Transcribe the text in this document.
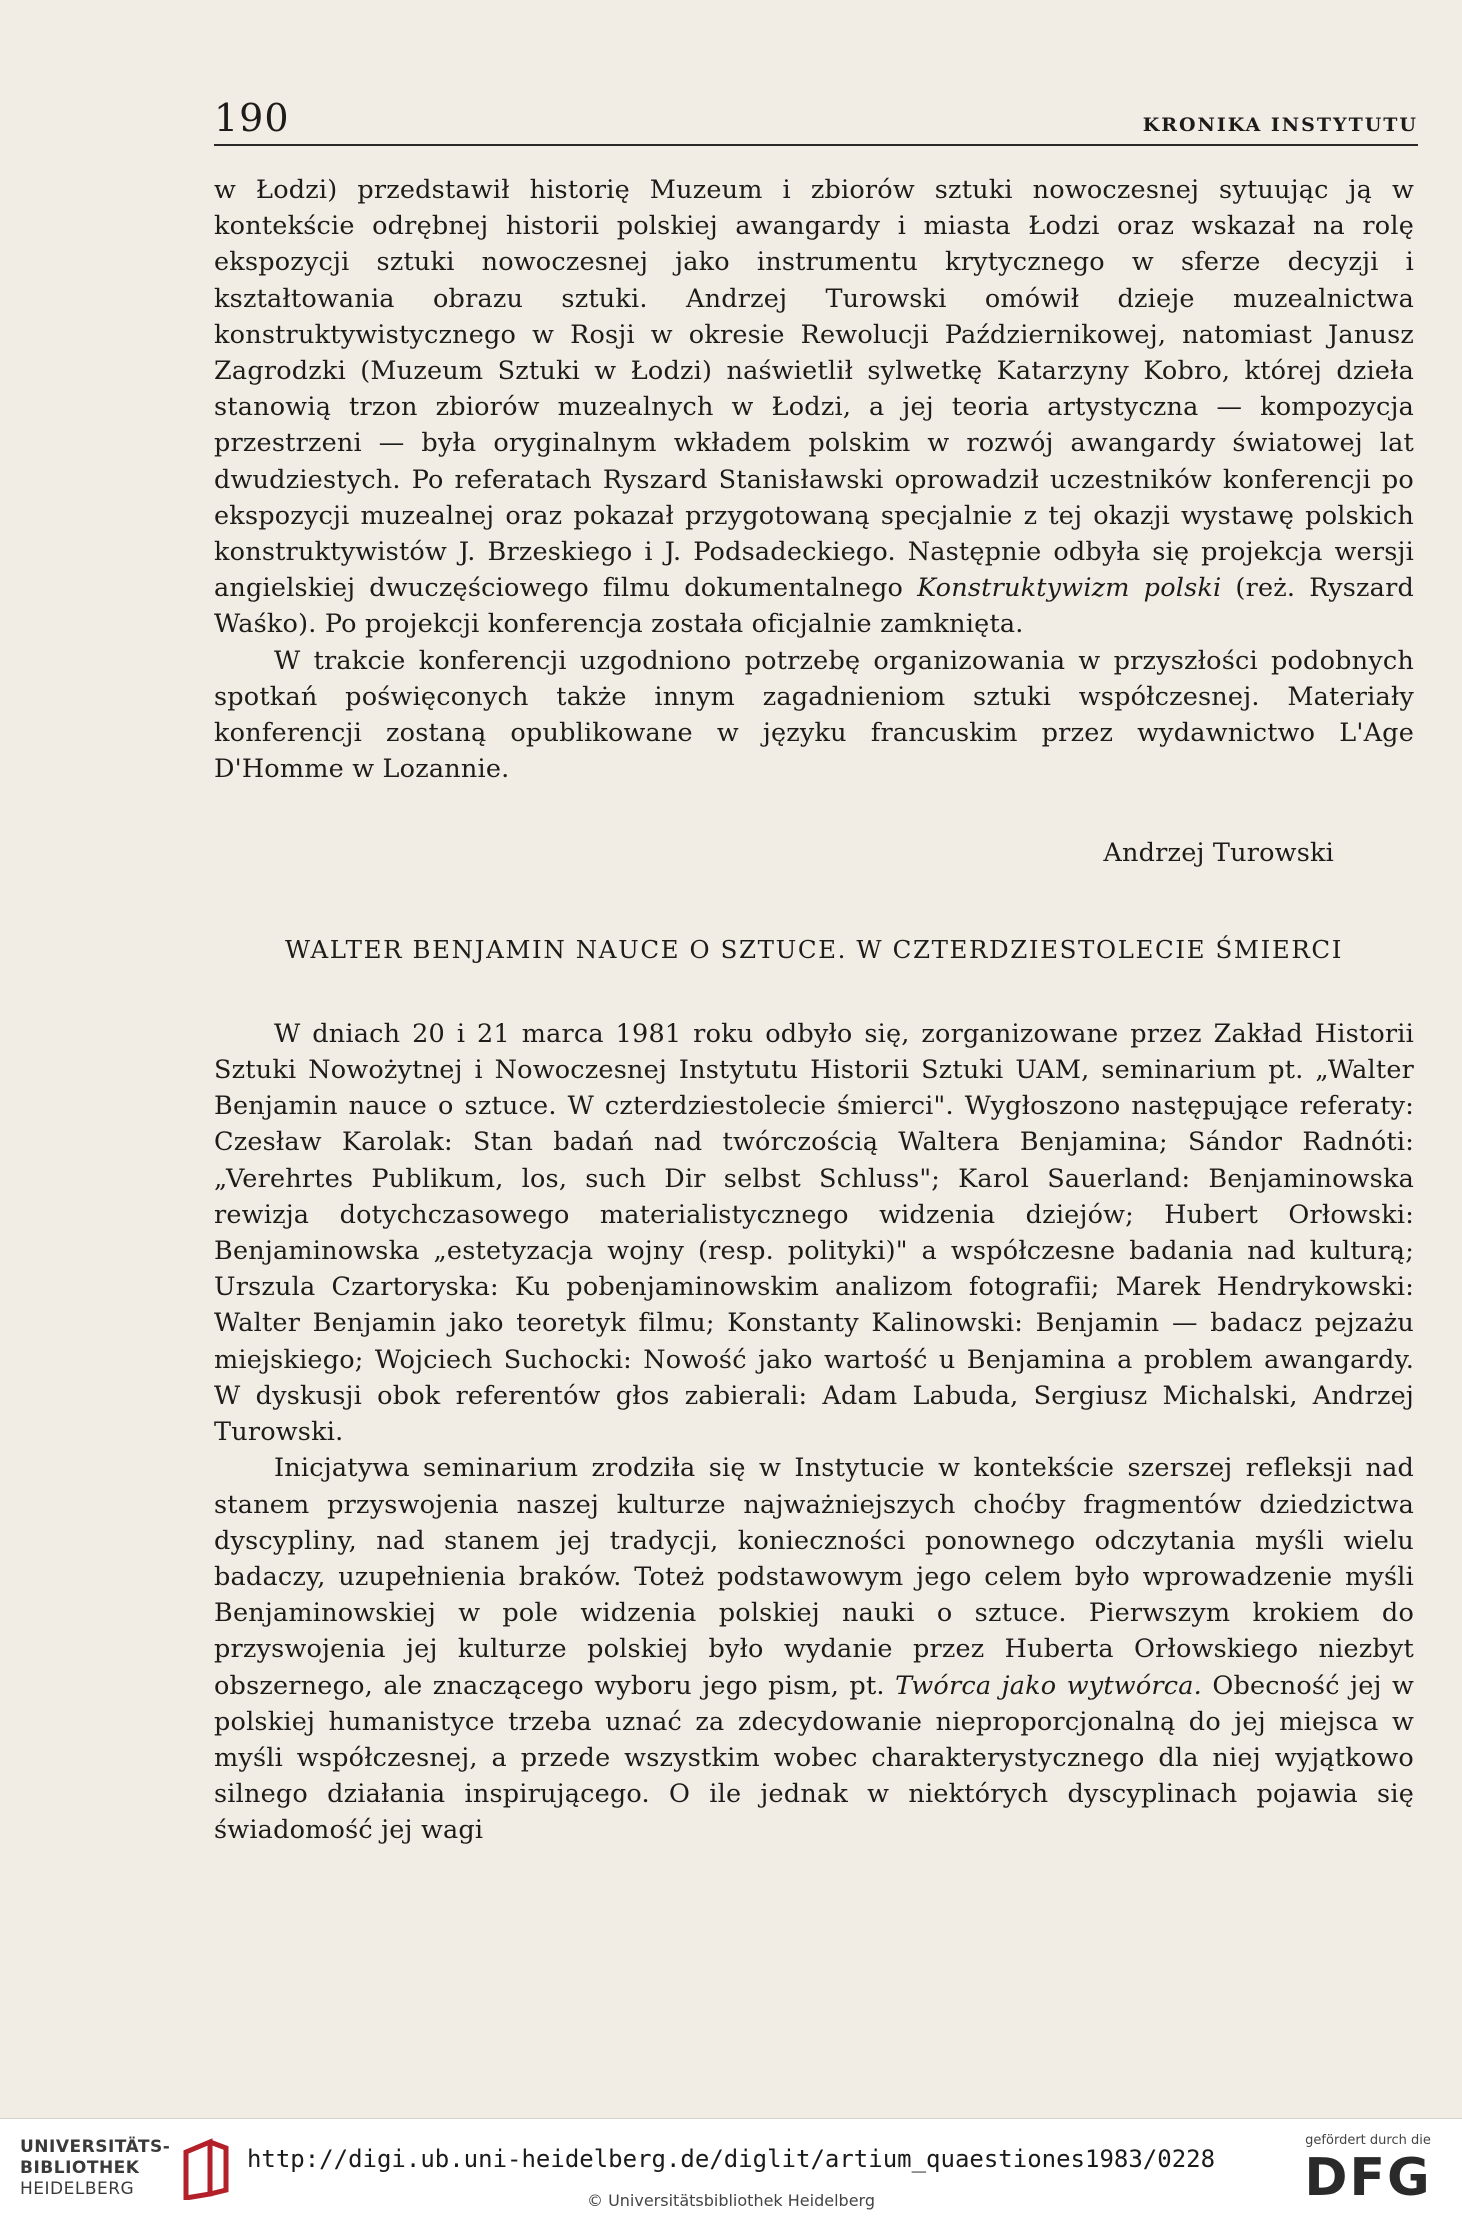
190	KRONIKA INSTYTUTU

w Łodzi) przedstawił historię Muzeum i zbiorów sztuki nowoczesnej sytuując ją w kontekście odrębnej historii polskiej awangardy i miasta Łodzi oraz wskazał na rolę ekspozycji sztuki nowoczesnej jako instrumentu krytycznego w sferze decyzji i kształtowania obrazu sztuki. Andrzej Turowski omówił dzieje muzealnictwa konstruktywistycznego w Rosji w okresie Rewolucji Październikowej, natomiast Janusz Zagrodzki (Muzeum Sztuki w Łodzi) naświetlił sylwetkę Katarzyny Kobro, której dzieła stanowią trzon zbiorów muzealnych w Łodzi, a jej teoria artystyczna — kompozycja przestrzeni — była oryginalnym wkładem polskim w rozwój awangardy światowej lat dwudziestych. Po referatach Ryszard Stanisławski oprowadził uczestników konferencji po ekspozycji muzealnej oraz pokazał przygotowaną specjalnie z tej okazji wystawę polskich konstruktywistów J. Brzeskiego i J. Podsadeckiego. Następnie odbyła się projekcja wersji angielskiej dwuczęściowego filmu dokumentalnego Konstruktywizm polski (reż. Ryszard Waśko). Po projekcji konferencja została oficjalnie zamknięta.

W trakcie konferencji uzgodniono potrzebę organizowania w przyszłości podobnych spotkań poświęconych także innym zagadnieniom sztuki współczesnej. Materiały konferencji zostaną opublikowane w języku francuskim przez wydawnictwo L'Age D'Homme w Lozannie.

Andrzej Turowski

WALTER BENJAMIN NAUCE O SZTUCE. W CZTERDZIESTOLECIE ŚMIERCI

W dniach 20 i 21 marca 1981 roku odbyło się, zorganizowane przez Zakład Historii Sztuki Nowożytnej i Nowoczesnej Instytutu Historii Sztuki UAM, seminarium pt. „Walter Benjamin nauce o sztuce. W czterdziestolecie śmierci". Wygłoszono następujące referaty: Czesław Karolak: Stan badań nad twórczością Waltera Benjamina; Sándor Radnóti: „Verehrtes Publikum, los, such Dir selbst Schluss"; Karol Sauerland: Benjaminowska rewizja dotychczasowego materialistycznego widzenia dziejów; Hubert Orłowski: Benjaminowska „estetyzacja wojny (resp. polityki)" a współczesne badania nad kulturą; Urszula Czartoryska: Ku pobenjaminowskim analizom fotografii; Marek Hendrykowski: Walter Benjamin jako teoretyk filmu; Konstanty Kalinowski: Benjamin — badacz pejzażu miejskiego; Wojciech Suchocki: Nowość jako wartość u Benjamina a problem awangardy. W dyskusji obok referentów głos zabierali: Adam Labuda, Sergiusz Michalski, Andrzej Turowski.

Inicjatywa seminarium zrodziła się w Instytucie w kontekście szerszej refleksji nad stanem przyswojenia naszej kulturze najważniejszych choćby fragmentów dziedzictwa dyscypliny, nad stanem jej tradycji, konieczności ponownego odczytania myśli wielu badaczy, uzupełnienia braków. Toteż podstawowym jego celem było wprowadzenie myśli Benjaminowskiej w pole widzenia polskiej nauki o sztuce. Pierwszym krokiem do przyswojenia jej kulturze polskiej było wydanie przez Huberta Orłowskiego niezbyt obszernego, ale znaczącego wyboru jego pism, pt. Twórca jako wytwórca. Obecność jej w polskiej humanistyce trzeba uznać za zdecydowanie nieproporcjonalną do jej miejsca w myśli współczesnej, a przede wszystkim wobec charakterystycznego dla niej wyjątkowo silnego działania inspirującego. O ile jednak w niektórych dyscyplinach pojawia się świadomość jej wagi

UNIVERSITÄTS-
BIBLIOTHEK
HEIDELBERG
http://digi.ub.uni-heidelberg.de/diglit/artium_quaestiones1983/0228
© Universitätsbibliothek Heidelberg
gefördert durch die
DFG
